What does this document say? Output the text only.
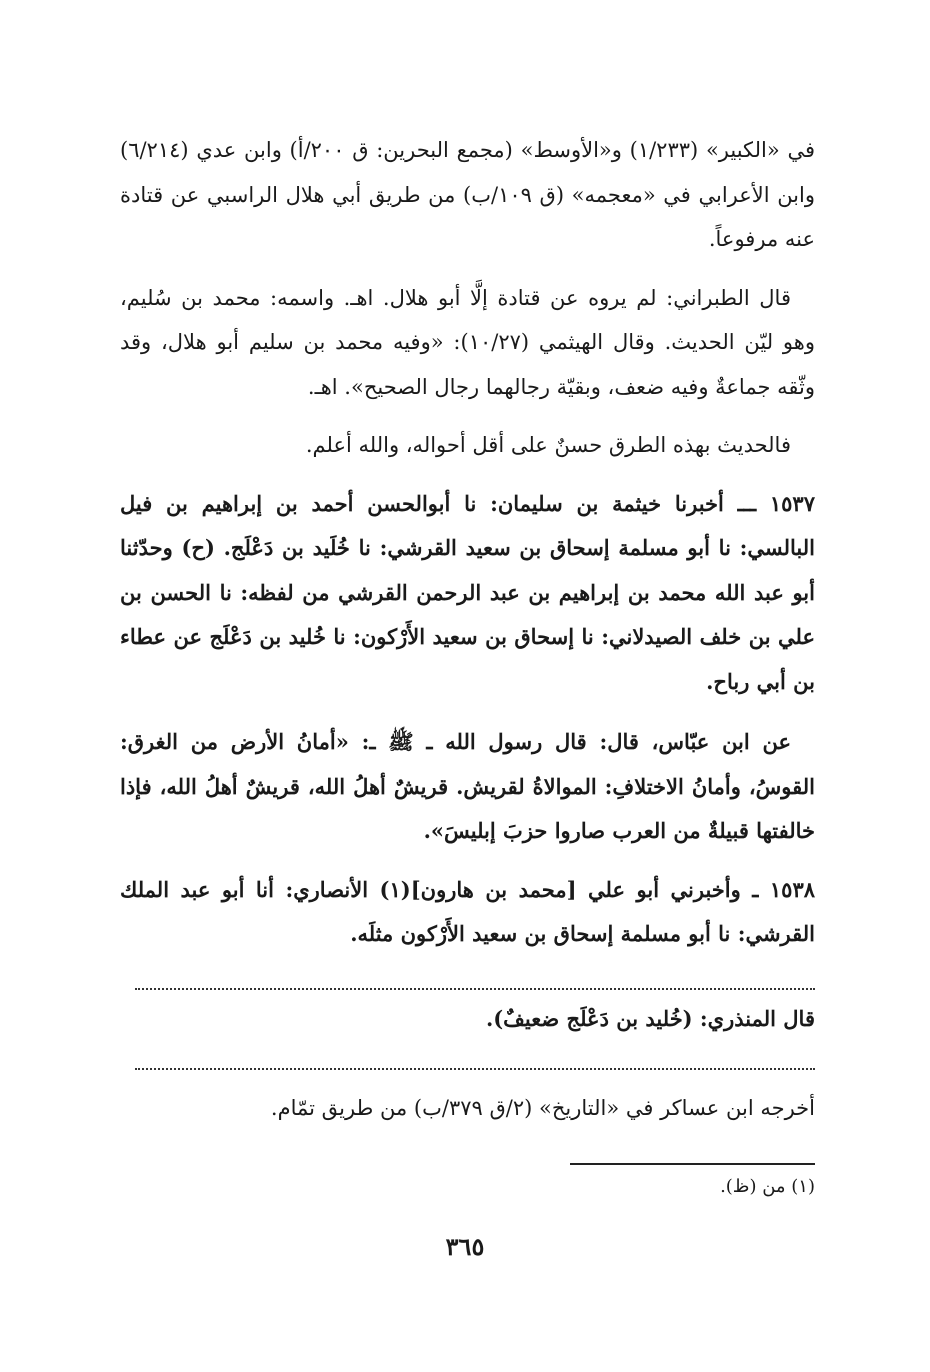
في «الكبير» (١/٢٣٣) و«الأوسط» (مجمع البحرين: ق ٢٠٠/أ) وابن عدي (٦/٢١٤) وابن الأعرابي في «معجمه» (ق ١٠٩/ب) من طريق أبي هلال الراسبي عن قتادة عنه مرفوعاً.

قال الطبراني: لم يروه عن قتادة إلَّا أبو هلال. اهـ. واسمه: محمد بن سُليم، وهو ليّن الحديث. وقال الهيثمي (١٠/٢٧): «وفيه محمد بن سليم أبو هلال، وقد وثّقه جماعةٌ وفيه ضعف، وبقيّة رجالهما رجال الصحيح». اهـ.

فالحديث بهذه الطرق حسنٌ على أقل أحواله، والله أعلم.

١٥٣٧ ـــ أخبرنا خيثمة بن سليمان: نا أبوالحسن أحمد بن إبراهيم بن فيل البالسي: نا أبو مسلمة إسحاق بن سعيد القرشي: نا خُلَيد بن دَعْلَج. (ح) وحدّثنا أبو عبد الله محمد بن إبراهيم بن عبد الرحمن القرشي من لفظه: نا الحسن بن علي بن خلف الصيدلاني: نا إسحاق بن سعيد الأَرْكون: نا خُليد بن دَعْلَج عن عطاء بن أبي رباح.

عن ابن عبّاس، قال: قال رسول الله ـ ﷺ ـ: «أمانُ الأرض من الغرق: القوسُ، وأمانُ الاختلافِ: الموالاةُ لقريش. قريشٌ أهلُ الله، قريشٌ أهلُ الله، فإذا خالفتها قبيلةٌ من العرب صاروا حزبَ إبليسَ».

١٥٣٨ ـ وأخبرني أبو علي [محمد بن هارون](١) الأنصاري: أنا أبو عبد الملك القرشي: نا أبو مسلمة إسحاق بن سعيد الأَرْكون مثلَه.

قال المنذري: (خُليد بن دَعْلَج ضعيفٌ).
أخرجه ابن عساكر في «التاريخ» (٢/ق ٣٧٩/ب) من طريق تمّام.
(١) من (ظ).
٣٦٥
